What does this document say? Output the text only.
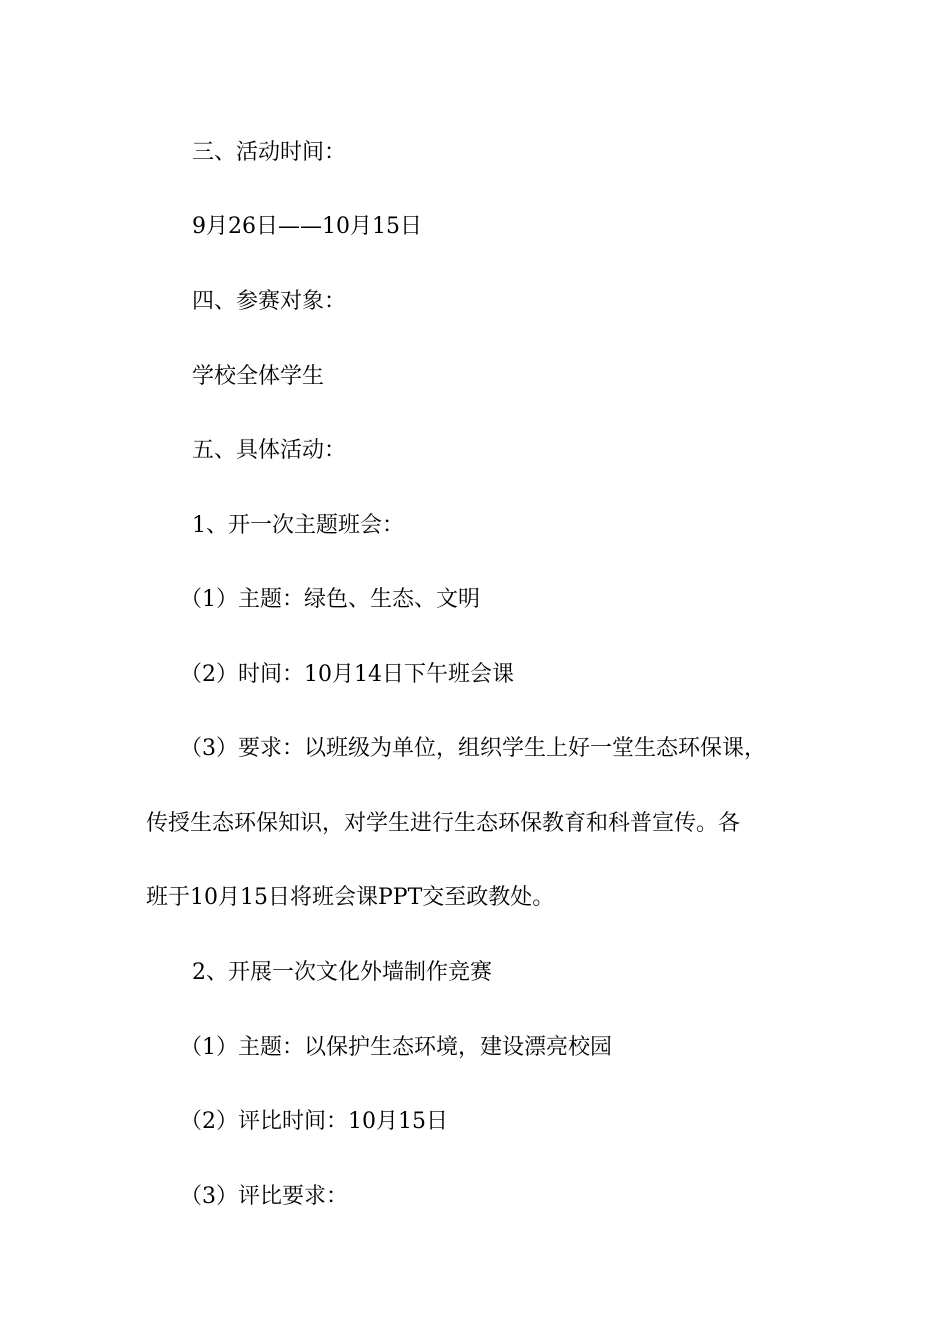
三、活动时间：
9月26日——10月15日
四、参赛对象：
学校全体学生
五、具体活动：
1、开一次主题班会：
（1）主题：绿色、生态、文明
（2）时间：10月14日下午班会课
（3）要求：以班级为单位，组织学生上好一堂生态环保课，
传授生态环保知识，对学生进行生态环保教育和科普宣传。各
班于10月15日将班会课PPT交至政教处。
2、开展一次文化外墙制作竞赛
（1）主题：以保护生态环境，建设漂亮校园
（2）评比时间：10月15日
（3）评比要求：
